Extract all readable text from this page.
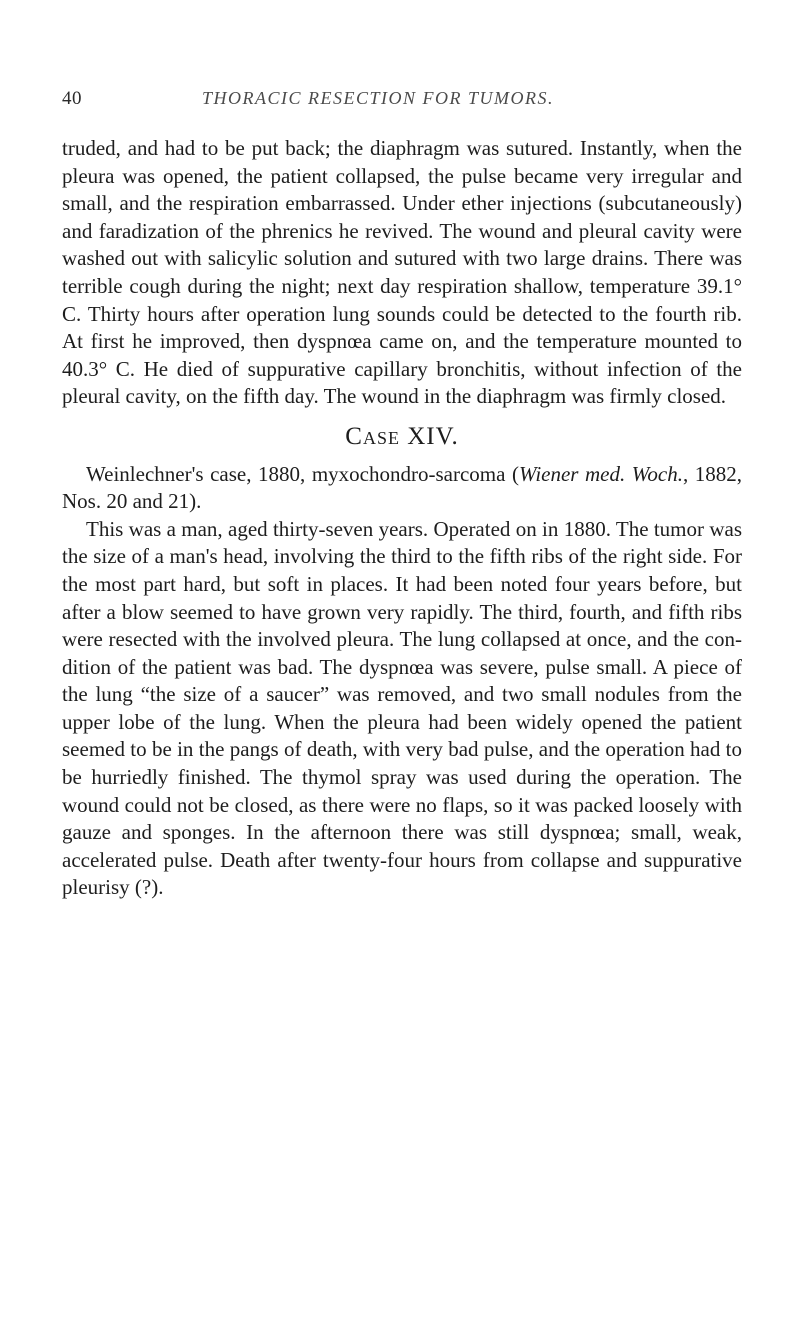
40	THORACIC RESECTION FOR TUMORS.

truded, and had to be put back; the diaphragm was sutured. Instantly, when the pleura was opened, the patient collapsed, the pulse became very irregular and small, and the respiration embarrassed. Under ether injections (subcutaneously) and faradization of the phrenics he revived. The wound and pleural cavity were washed out with salicylic solution and sutured with two large drains. There was terrible cough during the night; next day respiration shallow, temperature 39.1° C. Thirty hours after operation lung sounds could be detected to the fourth rib. At first he improved, then dyspnœa came on, and the temperature mounted to 40.3° C. He died of suppurative capillary bronchitis, without infection of the pleural cavity, on the fifth day. The wound in the diaphragm was firmly closed.

Case XIV.

Weinlechner's case, 1880, myxochondro-sarcoma (Wiener med. Woch., 1882, Nos. 20 and 21).

This was a man, aged thirty-seven years. Operated on in 1880. The tumor was the size of a man's head, involving the third to the fifth ribs of the right side. For the most part hard, but soft in places. It had been noted four years before, but after a blow seemed to have grown very rapidly. The third, fourth, and fifth ribs were resected with the involved pleura. The lung collapsed at once, and the condition of the patient was bad. The dyspnœa was severe, pulse small. A piece of the lung “the size of a saucer” was removed, and two small nodules from the upper lobe of the lung. When the pleura had been widely opened the patient seemed to be in the pangs of death, with very bad pulse, and the operation had to be hurriedly finished. The thymol spray was used during the operation. The wound could not be closed, as there were no flaps, so it was packed loosely with gauze and sponges. In the afternoon there was still dyspnœa; small, weak, accelerated pulse. Death after twenty-four hours from collapse and suppurative pleurisy (?).
